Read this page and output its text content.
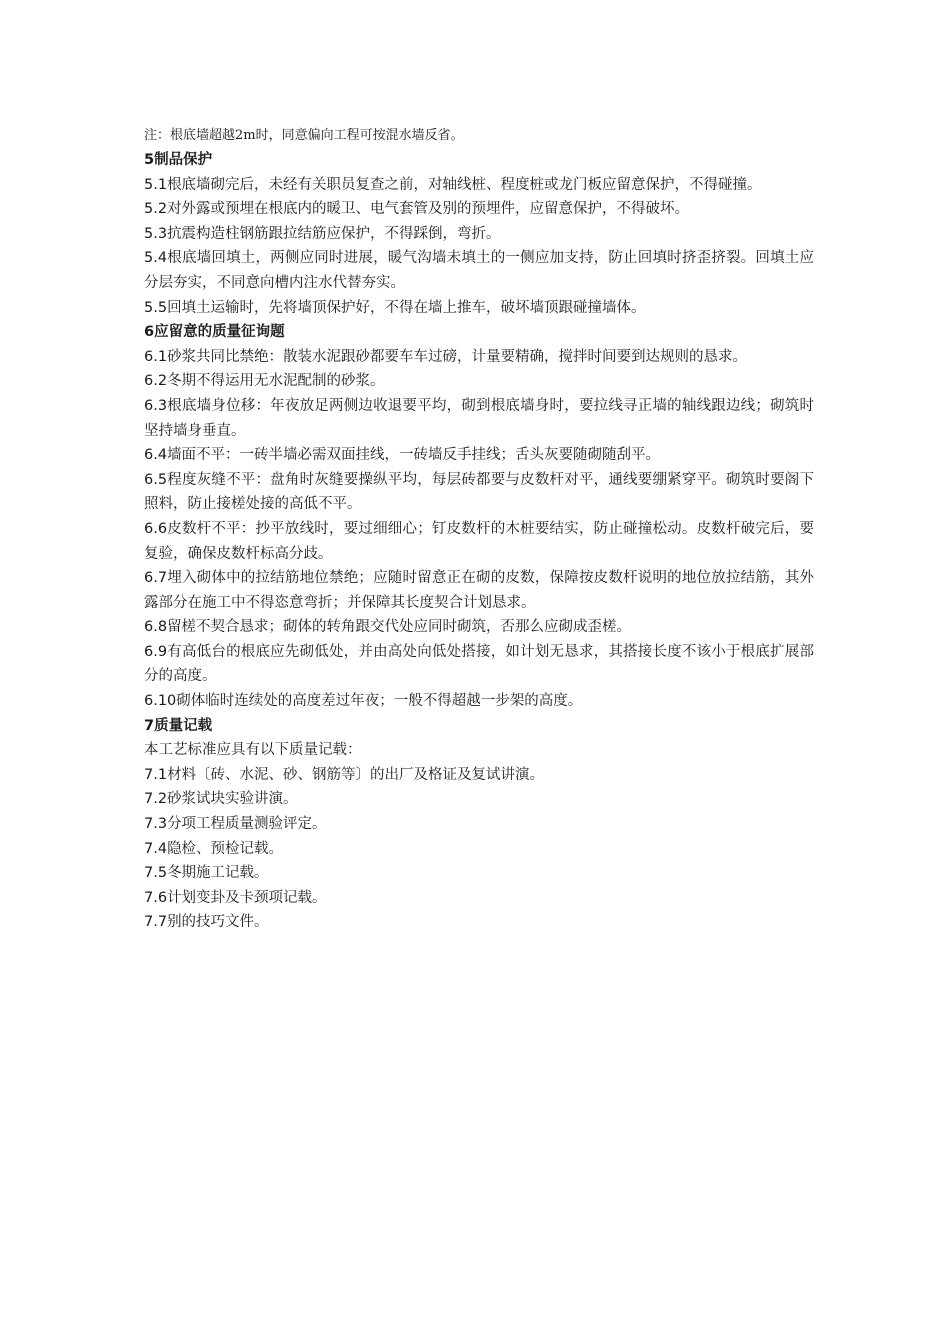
注：根底墙超越2m时，同意偏向工程可按混水墙反省。
5制品保护
5.1根底墙砌完后，未经有关职员复查之前，对轴线桩、程度桩或龙门板应留意保护，不得碰撞。
5.2对外露或预埋在根底内的暖卫、电气套管及别的预埋件，应留意保护，不得破坏。
5.3抗震构造柱钢筋跟拉结筋应保护，不得踩倒，弯折。
5.4根底墙回填土，两侧应同时进展，暖气沟墙未填土的一侧应加支持，防止回填时挤歪挤裂。回填土应分层夯实，不同意向槽内注水代替夯实。
5.5回填土运输时，先将墙顶保护好，不得在墙上推车，破坏墙顶跟碰撞墙体。
6应留意的质量征询题
6.1砂浆共同比禁绝：散装水泥跟砂都要车车过磅，计量要精确，搅拌时间要到达规则的恳求。
6.2冬期不得运用无水泥配制的砂浆。
6.3根底墙身位移：年夜放足两侧边收退要平均，砌到根底墙身时，要拉线寻正墙的轴线跟边线；砌筑时坚持墙身垂直。
6.4墙面不平：一砖半墙必需双面挂线，一砖墙反手挂线；舌头灰要随砌随刮平。
6.5程度灰缝不平：盘角时灰缝要操纵平均，每层砖都要与皮数杆对平，通线要绷紧穿平。砌筑时要阁下照料，防止接槎处接的高低不平。
6.6皮数杆不平：抄平放线时，要过细细心；钉皮数杆的木桩要结实，防止碰撞松动。皮数杆破完后，要复验，确保皮数杆标高分歧。
6.7埋入砌体中的拉结筋地位禁绝；应随时留意正在砌的皮数，保障按皮数杆说明的地位放拉结筋，其外露部分在施工中不得恣意弯折；并保障其长度契合计划恳求。
6.8留槎不契合恳求；砌体的转角跟交代处应同时砌筑，否那么应砌成歪槎。
6.9有高低台的根底应先砌低处，并由高处向低处搭接，如计划无恳求，其搭接长度不该小于根底扩展部分的高度。
6.10砌体临时连续处的高度差过年夜；一般不得超越一步架的高度。
7质量记载
本工艺标准应具有以下质量记载：
7.1材料〔砖、水泥、砂、钢筋等〕的出厂及格证及复试讲演。
7.2砂浆试块实验讲演。
7.3分项工程质量测验评定。
7.4隐检、预检记载。
7.5冬期施工记载。
7.6计划变卦及卡颈项记载。
7.7别的技巧文件。
